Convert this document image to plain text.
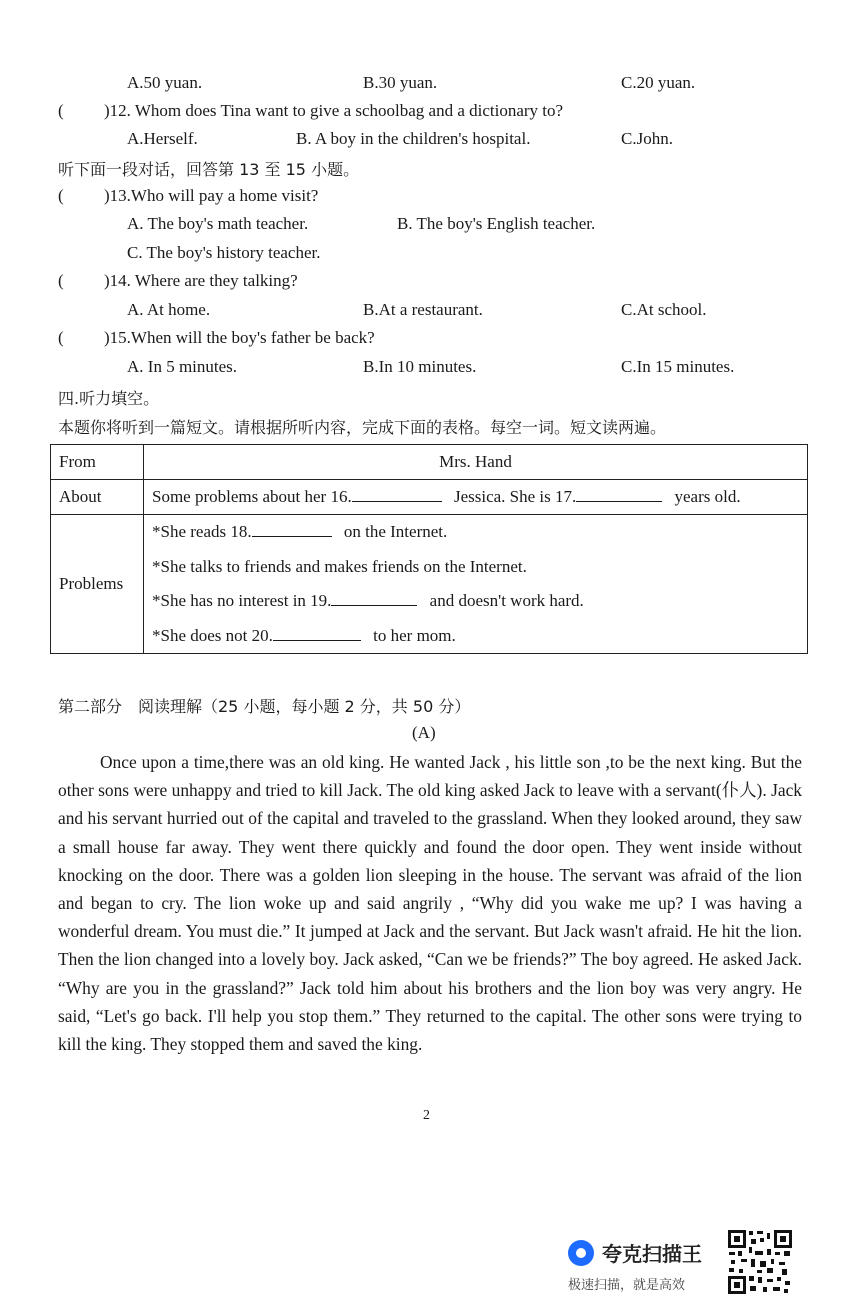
A.50 yuan.	B.30 yuan.	C.20 yuan.
( )12. Whom does Tina want to give a schoolbag and a dictionary to?
A.Herself.	B. A boy in the children's hospital.	C.John.
听下面一段对话，回答第 13 至 15 小题。
( )13.Who will pay a home visit?
A. The boy's math teacher.	B. The boy's English teacher.
C. The boy's history teacher.
( )14. Where are they talking?
A. At home.	B.At a restaurant.	C.At school.
( )15.When will the boy's father be back?
A. In 5 minutes.	B.In 10 minutes.	C.In 15 minutes.
四.听力填空。
本题你将听到一篇短文。请根据所听内容，完成下面的表格。每空一词。短文读两遍。
From	Mrs. Hand
About	Some problems about her 16. Jessica. She is 17. years old.
Problems	*She reads 18. on the Internet.
*She talks to friends and makes friends on the Internet.
*She has no interest in 19. and doesn't work hard.
*She does not 20. to her mom.
第二部分　阅读理解（25 小题，每小题 2 分，共 50 分）
(A)
Once upon a time,there was an old king. He wanted Jack , his little son ,to be the next king. But the other sons were unhappy and tried to kill Jack. The old king asked Jack to leave with a servant(仆人). Jack and his servant hurried out of the capital and traveled to the grassland. When they looked around, they saw a small house far away. They went there quickly and found the door open. They went inside without knocking on the door. There was a golden lion sleeping in the house. The servant was afraid of the lion and began to cry. The lion woke up and said angrily , “Why did you wake me up? I was having a wonderful dream. You must die.” It jumped at Jack and the servant. But Jack wasn't afraid. He hit the lion. Then the lion changed into a lovely boy. Jack asked, “Can we be friends?” The boy agreed. He asked Jack. “Why are you in the grassland?” Jack told him about his brothers and the lion boy was very angry. He said, “Let's go back. I'll help you stop them.” They returned to the capital. The other sons were trying to kill the king. They stopped them and saved the king.
2
夸克扫描王
极速扫描，就是高效
